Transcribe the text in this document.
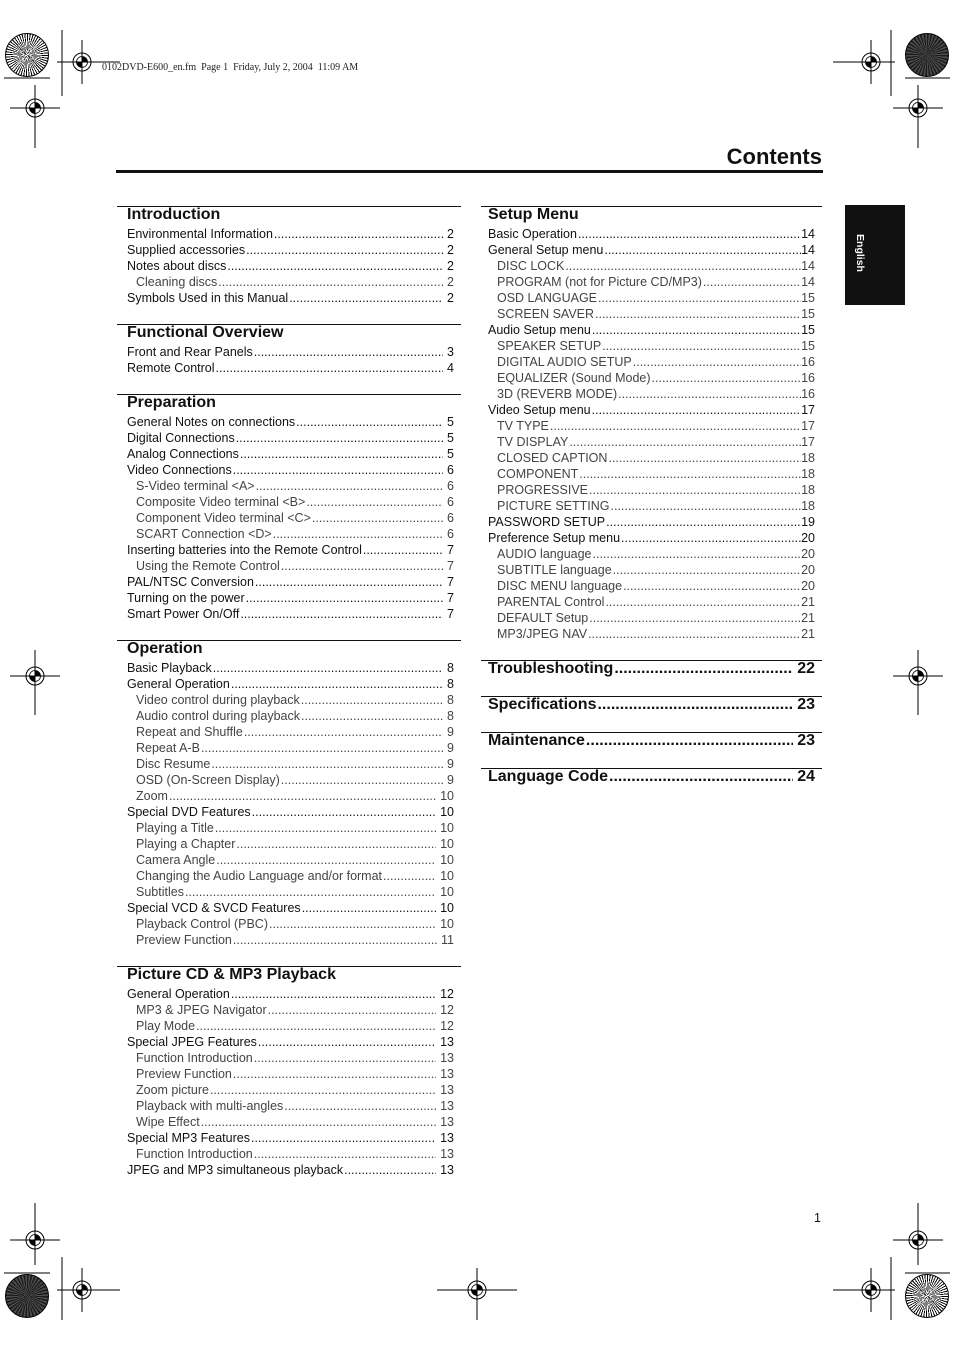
0102DVD-E600_en.fm  Page 1  Friday, July 2, 2004  11:09 AM
Contents
English
Introduction
Environmental Information .....	2
Supplied accessories .....	2
Notes about discs .....	2
Cleaning discs .....	2
Symbols Used in this Manual .....	2
Functional Overview
Front and Rear Panels .....	3
Remote Control .....	4
Preparation
General Notes on connections .....	5
Digital Connections .....	5
Analog Connections .....	5
Video Connections .....	6
S-Video terminal <A> .....	6
Composite Video terminal <B> .....	6
Component Video terminal <C> .....	6
SCART Connection <D> .....	6
Inserting batteries into the Remote Control .....	7
Using the Remote Control .....	7
PAL/NTSC Conversion .....	7
Turning on the power .....	7
Smart Power On/Off .....	7
Operation
Basic Playback .....	8
General Operation .....	8
Video control during playback .....	8
Audio control during playback .....	8
Repeat and Shuffle .....	9
Repeat A-B .....	9
Disc Resume .....	9
OSD (On-Screen Display) .....	9
Zoom .....	10
Special DVD Features .....	10
Playing a Title .....	10
Playing a Chapter .....	10
Camera Angle .....	10
Changing the Audio Language and/or format .....	10
Subtitles .....	10
Special VCD & SVCD Features .....	10
Playback Control (PBC) .....	10
Preview Function .....	11
Picture CD & MP3 Playback
General Operation .....	12
MP3 & JPEG Navigator .....	12
Play Mode .....	12
Special JPEG Features .....	13
Function Introduction .....	13
Preview Function .....	13
Zoom picture .....	13
Playback with multi-angles .....	13
Wipe Effect .....	13
Special MP3 Features .....	13
Function Introduction .....	13
JPEG and MP3 simultaneous playback .....	13
Setup Menu
Basic Operation .....	14
General Setup menu .....	14
DISC LOCK .....	14
PROGRAM (not for Picture CD/MP3) .....	14
OSD LANGUAGE .....	15
SCREEN SAVER .....	15
Audio Setup menu .....	15
SPEAKER SETUP .....	15
DIGITAL AUDIO SETUP .....	16
EQUALIZER (Sound Mode) .....	16
3D (REVERB MODE) .....	16
Video Setup menu .....	17
TV TYPE .....	17
TV DISPLAY .....	17
CLOSED CAPTION .....	18
COMPONENT .....	18
PROGRESSIVE .....	18
PICTURE SETTING .....	18
PASSWORD SETUP .....	19
Preference Setup menu .....	20
AUDIO language .....	20
SUBTITLE language .....	20
DISC MENU language .....	20
PARENTAL Control .....	21
DEFAULT Setup .....	21
MP3/JPEG NAV .....	21
Troubleshooting .....	22
Specifications .....	23
Maintenance .....	23
Language Code .....	24
1
